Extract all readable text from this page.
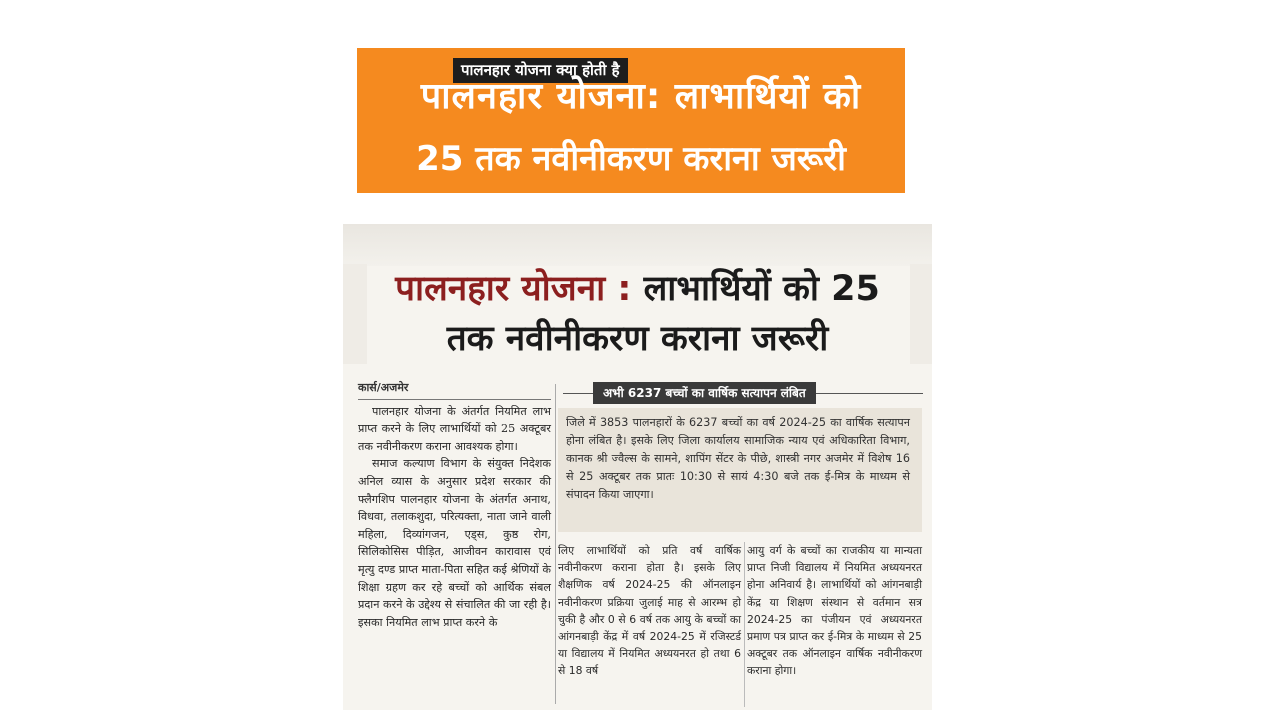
पालनहार योजना क्या होती है
पालनहार योजना: लाभार्थियों को
25 तक नवीनीकरण कराना जरूरी
पालनहार योजना : लाभार्थियों को 25
तक नवीनीकरण कराना जरूरी
कार्स/अजमेर

पालनहार योजना के अंतर्गत नियमित लाभ प्राप्त करने के लिए लाभार्थियों को 25 अक्टूबर तक नवीनीकरण कराना आवश्यक होगा।

समाज कल्याण विभाग के संयुक्त निदेशक अनिल व्यास के अनुसार प्रदेश सरकार की फ्लैगशिप पालनहार योजना के अंतर्गत अनाथ, विधवा, तलाकशुदा, परित्यक्ता, नाता जाने वाली महिला, दिव्यांगजन, एड्स, कुष्ठ रोग, सिलिकोसिस पीड़ित, आजीवन कारावास एवं मृत्यु दण्ड प्राप्त माता-पिता सहित कई श्रेणियों के शिक्षा ग्रहण कर रहे बच्चों को आर्थिक संबल प्रदान करने के उद्देश्य से संचालित की जा रही है। इसका नियमित लाभ प्राप्त करने के

अभी 6237 बच्चों का वार्षिक सत्यापन लंबित
जिले में 3853 पालनहारों के 6237 बच्चों का वर्ष 2024-25 का वार्षिक सत्यापन होना लंबित है। इसके लिए जिला कार्यालय सामाजिक न्याय एवं अधिकारिता विभाग, कानक श्री ज्वैल्स के सामने, शापिंग सेंटर के पीछे, शास्त्री नगर अजमेर में विशेष 16 से 25 अक्टूबर तक प्रातः 10:30 से सायं 4:30 बजे तक ई-मित्र के माध्यम से संपादन किया जाएगा।

लिए लाभार्थियों को प्रति वर्ष वार्षिक नवीनीकरण कराना होता है। इसके लिए शैक्षणिक वर्ष 2024-25 की ऑनलाइन नवीनीकरण प्रक्रिया जुलाई माह से आरम्भ हो चुकी है और 0 से 6 वर्ष तक आयु के बच्चों का आंगनबाड़ी केंद्र में वर्ष 2024-25 में रजिस्टर्ड या विद्यालय में नियमित अध्ययनरत हो तथा 6 से 18 वर्ष

आयु वर्ग के बच्चों का राजकीय या मान्यता प्राप्त निजी विद्यालय में नियमित अध्ययनरत होना अनिवार्य है। लाभार्थियों को आंगनबाड़ी केंद्र या शिक्षण संस्थान से वर्तमान सत्र 2024-25 का पंजीयन एवं अध्ययनरत प्रमाण पत्र प्राप्त कर ई-मित्र के माध्यम से 25 अक्टूबर तक ऑनलाइन वार्षिक नवीनीकरण कराना होगा।
